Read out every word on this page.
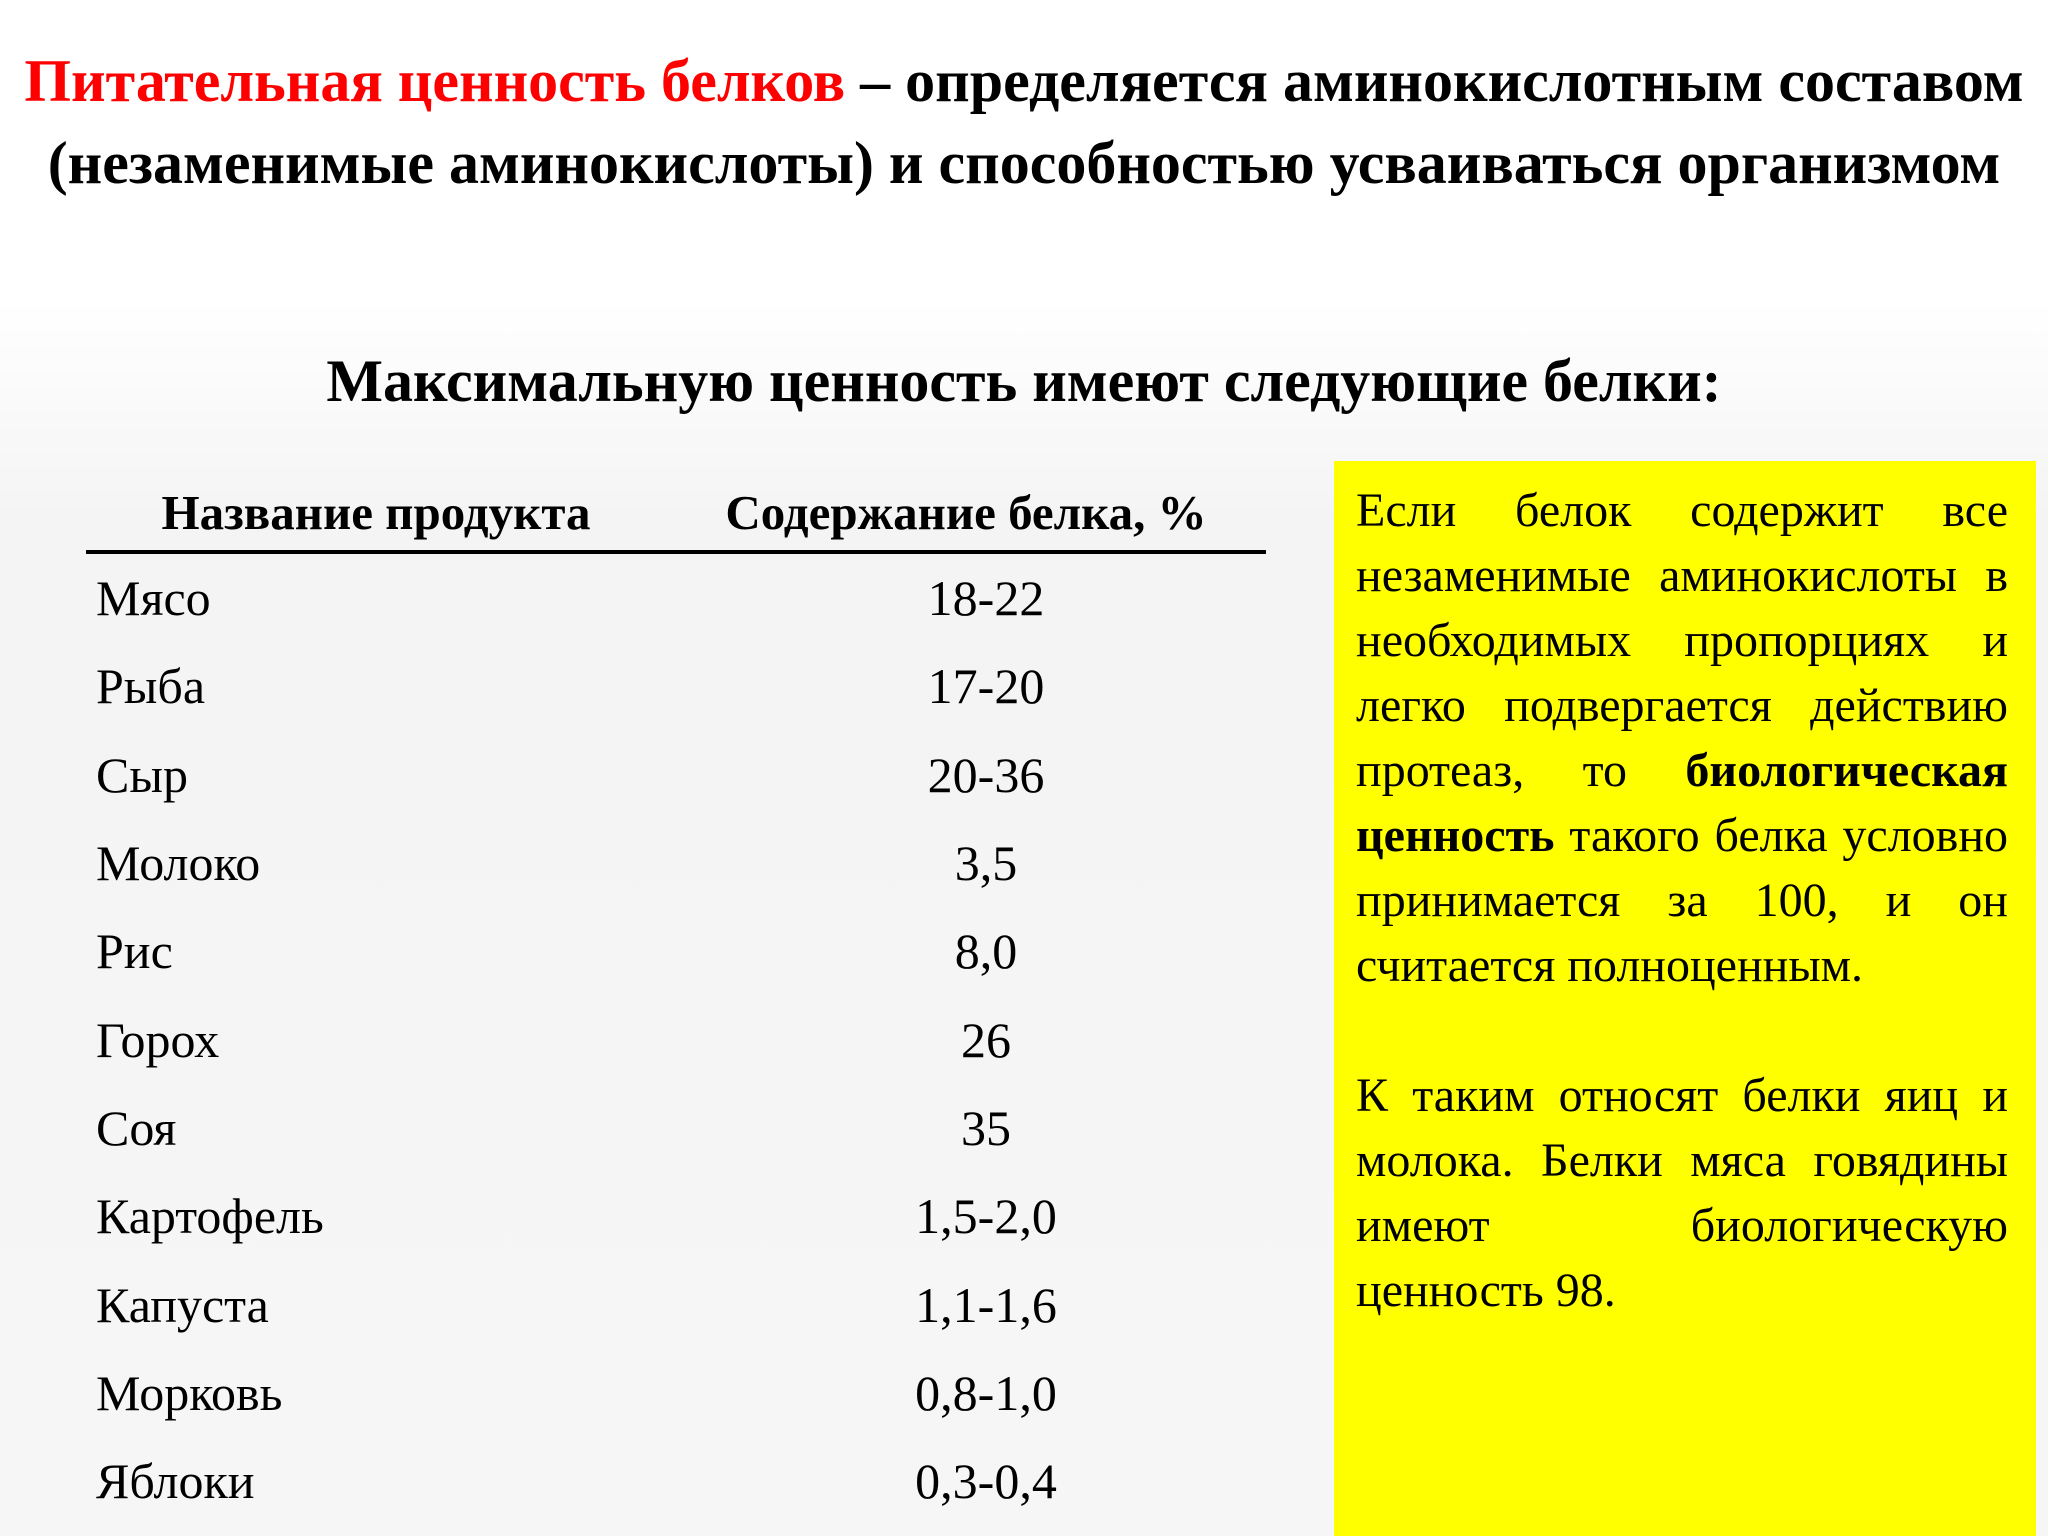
Питательная ценность белков – определяется аминокислотным составом (незаменимые аминокислоты) и способностью усваиваться организмом
Максимальную ценность имеют следующие белки:
Название продукта	Содержание белка, %
Мясо	18-22
Рыба	17-20
Сыр	20-36
Молоко	3,5
Рис	8,0
Горох	26
Соя	35
Картофель	1,5-2,0
Капуста	1,1-1,6
Морковь	0,8-1,0
Яблоки	0,3-0,4

Если белок содержит все незаменимые аминокислоты в необходимых пропорциях и легко подвергается действию протеаз, то биологическая ценность такого белка условно принимается за 100, и он считается полноценным.

К таким относят белки яиц и молока. Белки мяса говядины имеют биологическую ценность 98.
